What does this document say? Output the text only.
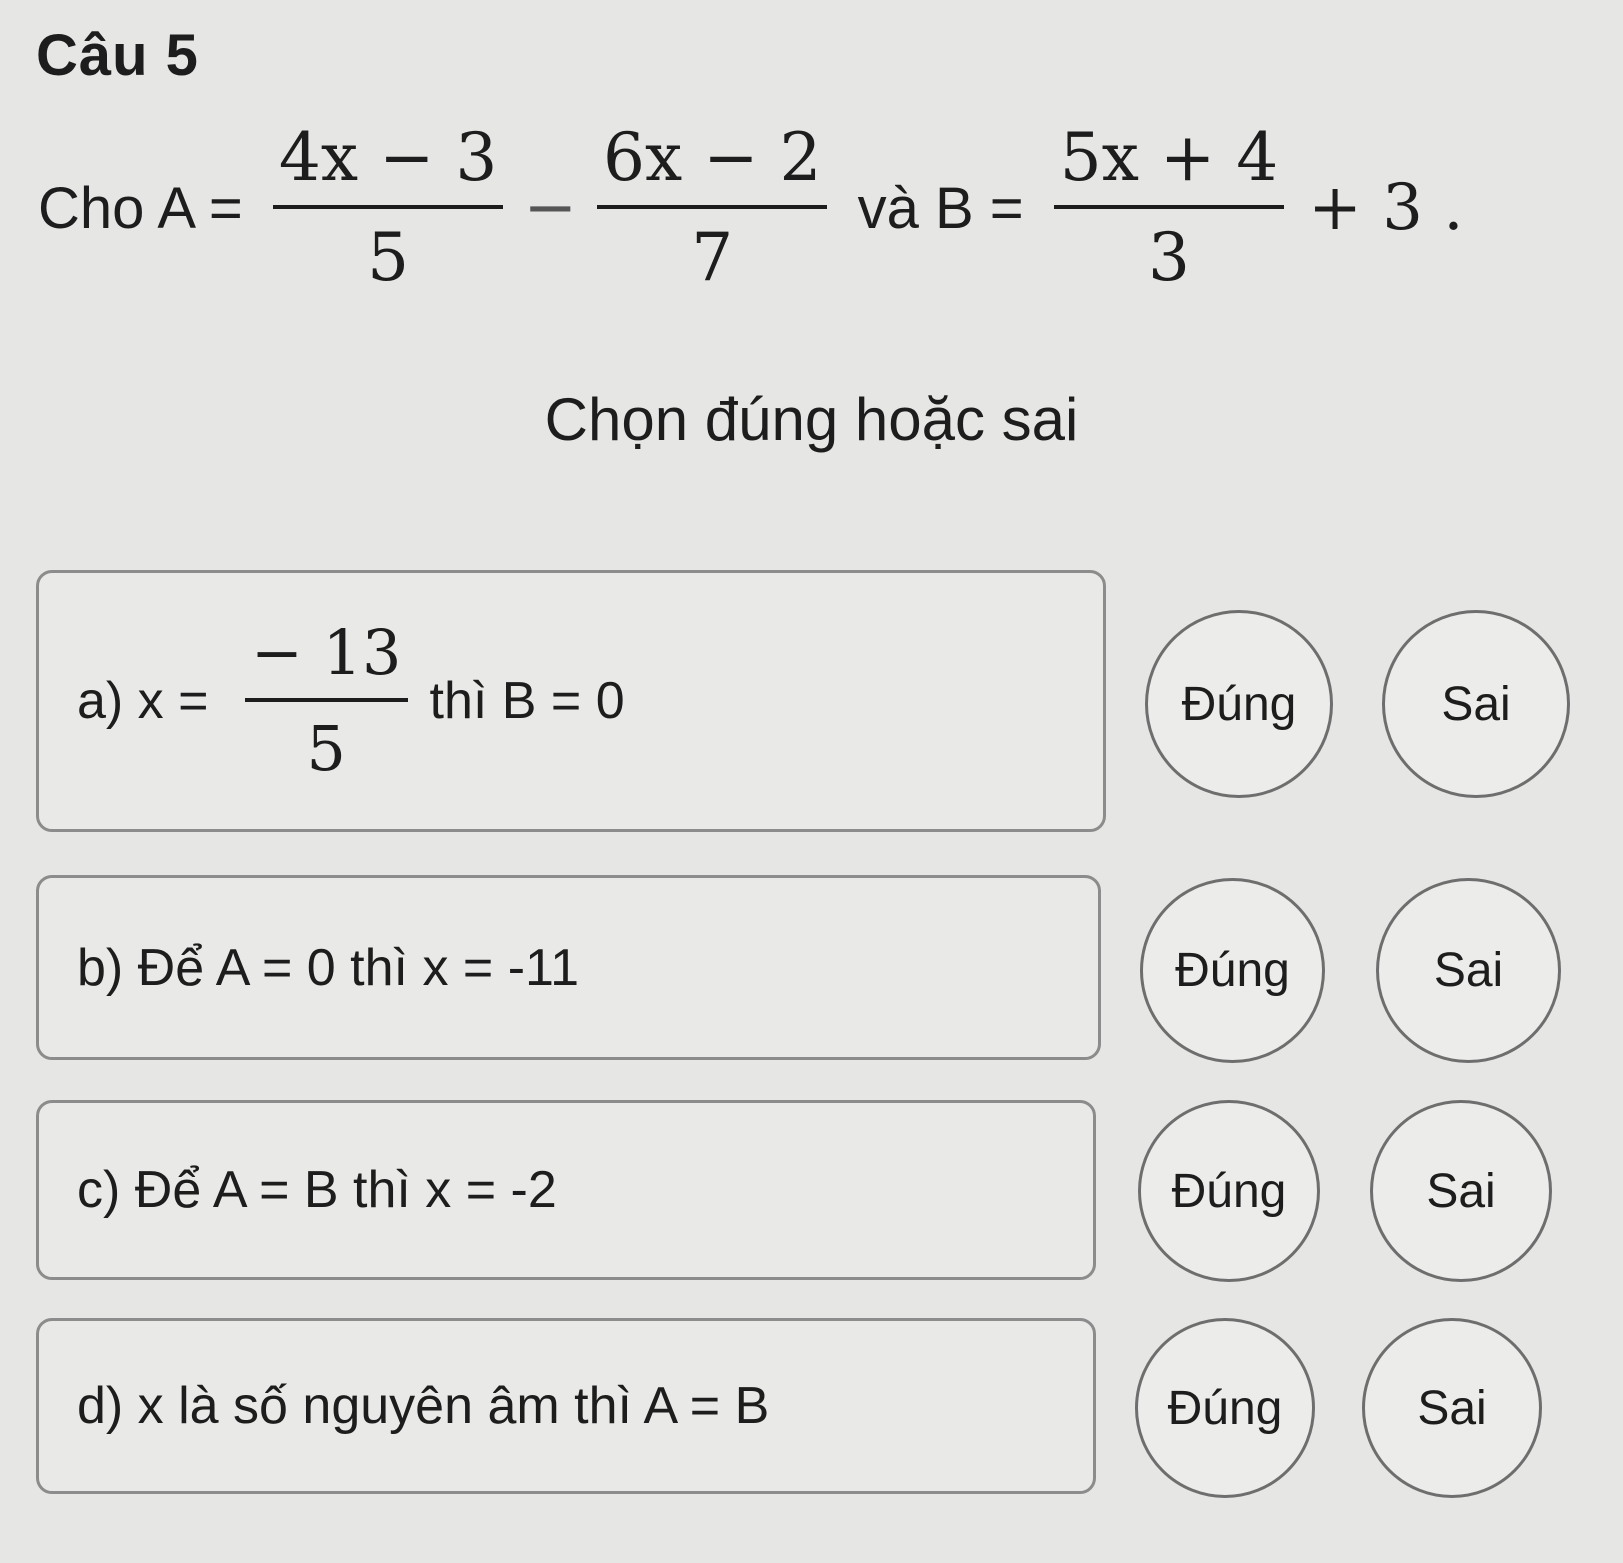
Câu 5
Cho $A = \frac{4x - 3}{5} - \frac{6x - 2}{7}$ và $B = \frac{5x + 4}{3} + 3$ .
Chọn đúng hoặc sai
a) $x = \frac{- 13}{5}$ thì B = 0	Đúng	Sai
b) Để A = 0 thì x = -11	Đúng	Sai
c) Để A = B thì x = -2	Đúng	Sai
d) x là số nguyên âm thì A = B	Đúng	Sai
